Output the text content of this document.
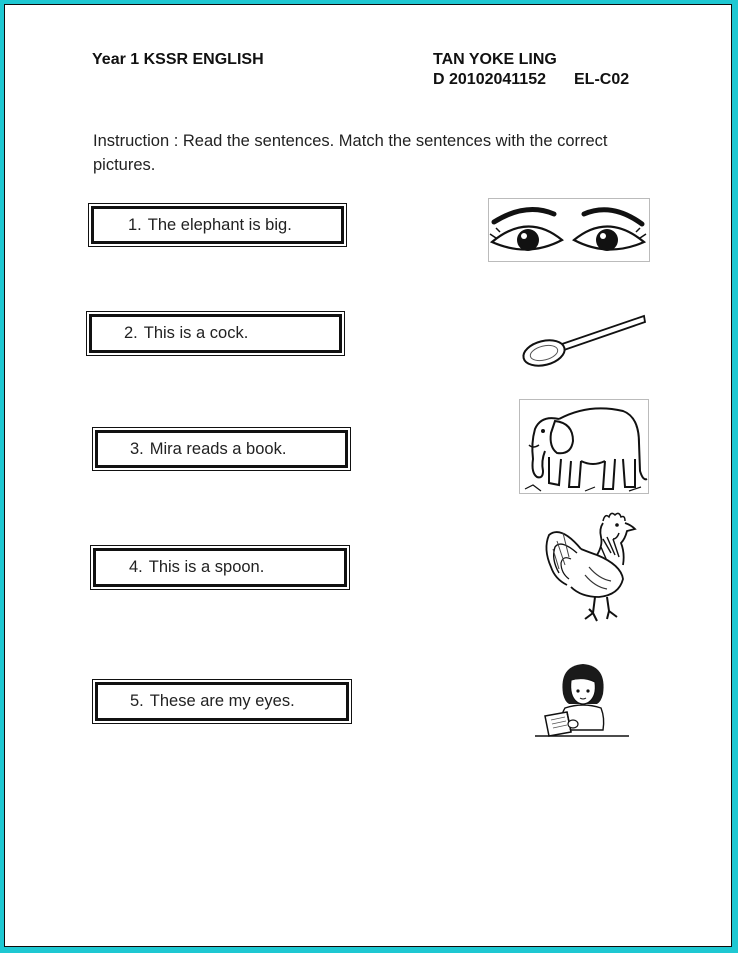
Year 1 KSSR ENGLISH	TAN YOKE LING
D 20102041152 EL-C02
Instruction : Read the sentences. Match the sentences with the correct pictures.
1. The elephant is big.
2. This is a cock.
3. Mira reads a book.
4. This is a spoon.
5. These are my eyes.
